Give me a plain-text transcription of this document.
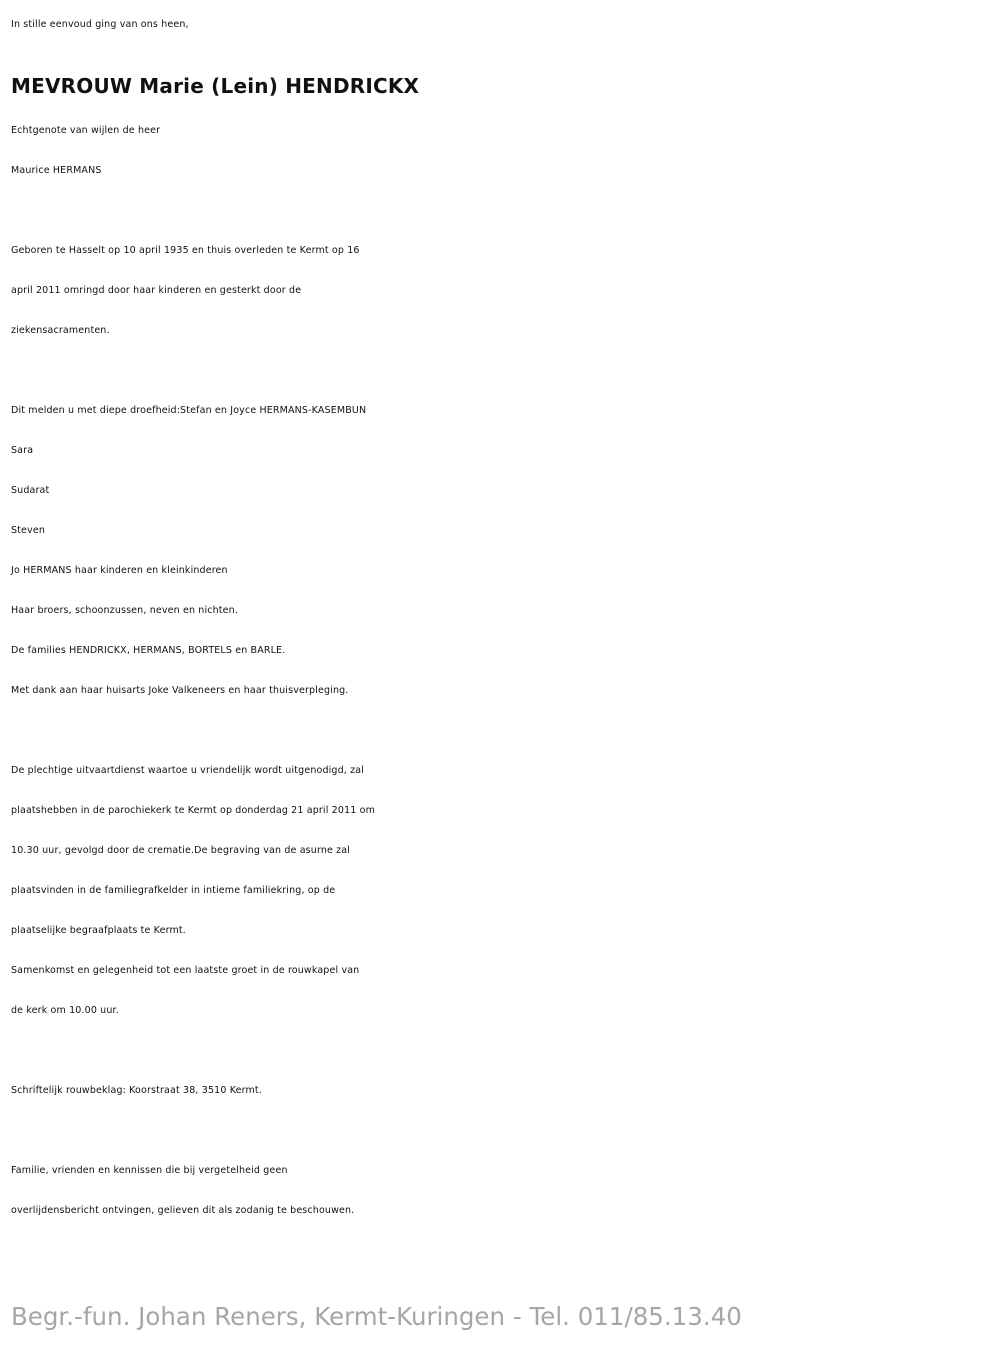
In stille eenvoud ging van ons heen,
MEVROUW Marie (Lein) HENDRICKX
Echtgenote van wijlen de heer
Maurice HERMANS
Geboren te Hasselt op 10 april 1935 en thuis overleden te Kermt op 16
april 2011 omringd door haar kinderen en gesterkt door de
ziekensacramenten.
Dit melden u met diepe droefheid:Stefan en Joyce HERMANS-KASEMBUN
Sara
Sudarat
Steven
Jo HERMANS haar kinderen en kleinkinderen
Haar broers, schoonzussen, neven en nichten.
De families HENDRICKX, HERMANS, BORTELS en BARLE.
Met dank aan haar huisarts Joke Valkeneers en haar thuisverpleging.
De plechtige uitvaartdienst waartoe u vriendelijk wordt uitgenodigd, zal
plaatshebben in de parochiekerk te Kermt op donderdag 21 april 2011 om
10.30 uur, gevolgd door de crematie.De begraving van de asurne zal
plaatsvinden in de familiegrafkelder in intieme familiekring, op de
plaatselijke begraafplaats te Kermt.
Samenkomst en gelegenheid tot een laatste groet in de rouwkapel van
de kerk om 10.00 uur.
Schriftelijk rouwbeklag: Koorstraat 38, 3510 Kermt.
Familie, vrienden en kennissen die bij vergetelheid geen
overlijdensbericht ontvingen, gelieven dit als zodanig te beschouwen.
Begr.-fun. Johan Reners, Kermt-Kuringen - Tel. 011/85.13.40
